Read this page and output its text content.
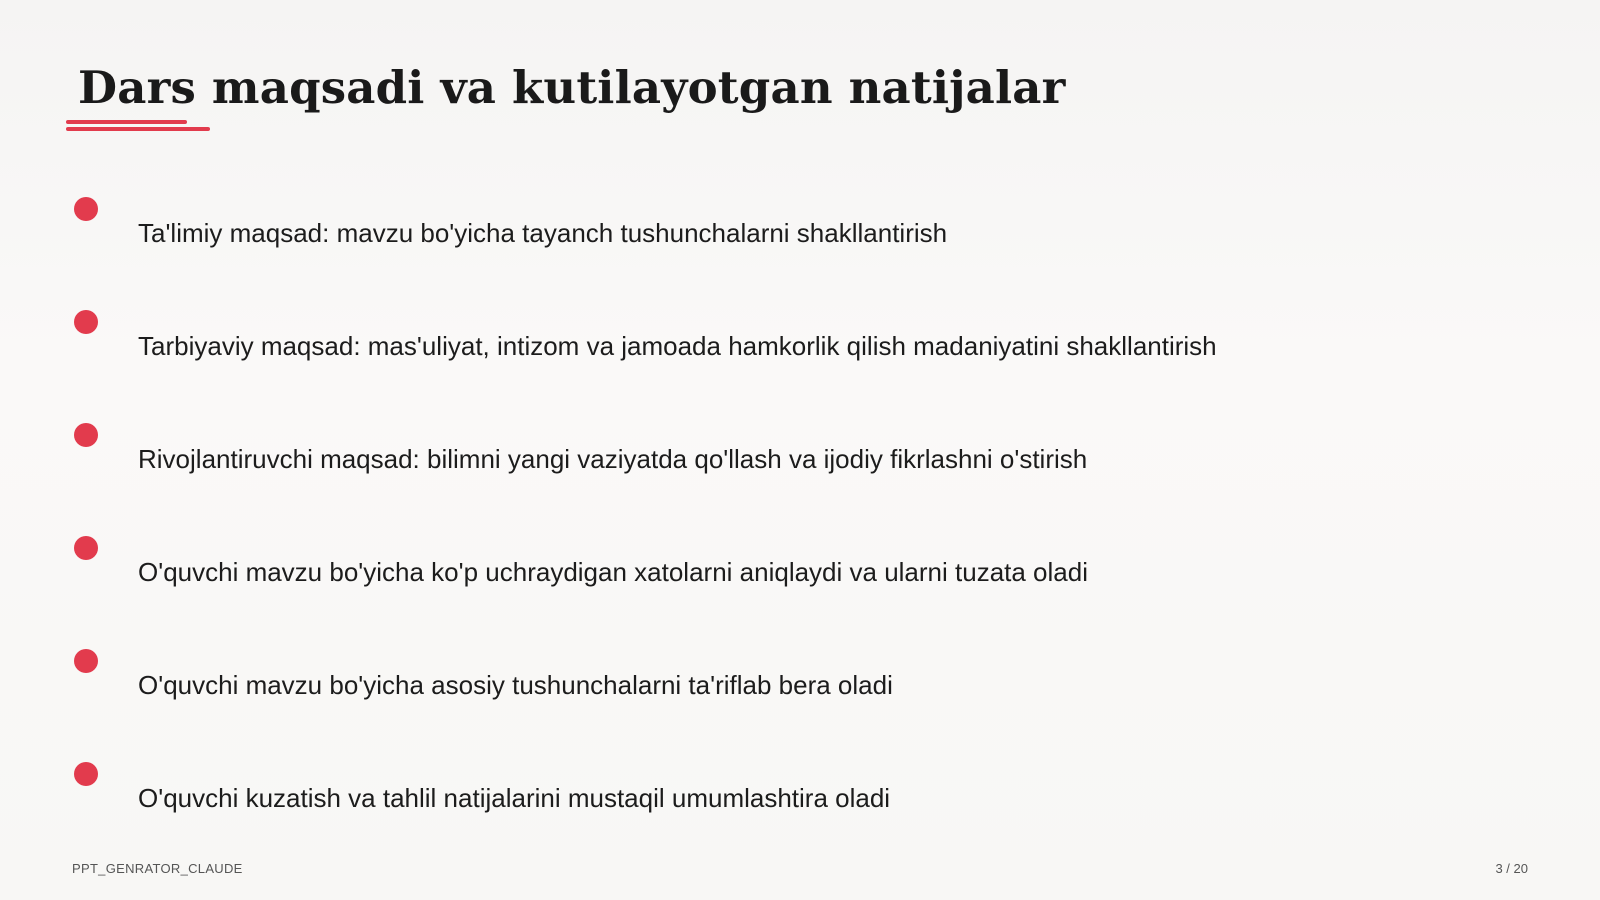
Dars maqsadi va kutilayotgan natijalar
Ta'limiy maqsad: mavzu bo'yicha tayanch tushunchalarni shakllantirish
Tarbiyaviy maqsad: mas'uliyat, intizom va jamoada hamkorlik qilish madaniyatini shakllantirish
Rivojlantiruvchi maqsad: bilimni yangi vaziyatda qo'llash va ijodiy fikrlashni o'stirish
O'quvchi mavzu bo'yicha ko'p uchraydigan xatolarni aniqlaydi va ularni tuzata oladi
O'quvchi mavzu bo'yicha asosiy tushunchalarni ta'riflab bera oladi
O'quvchi kuzatish va tahlil natijalarini mustaqil umumlashtira oladi
PPT_GENRATOR_CLAUDE	3 / 20
